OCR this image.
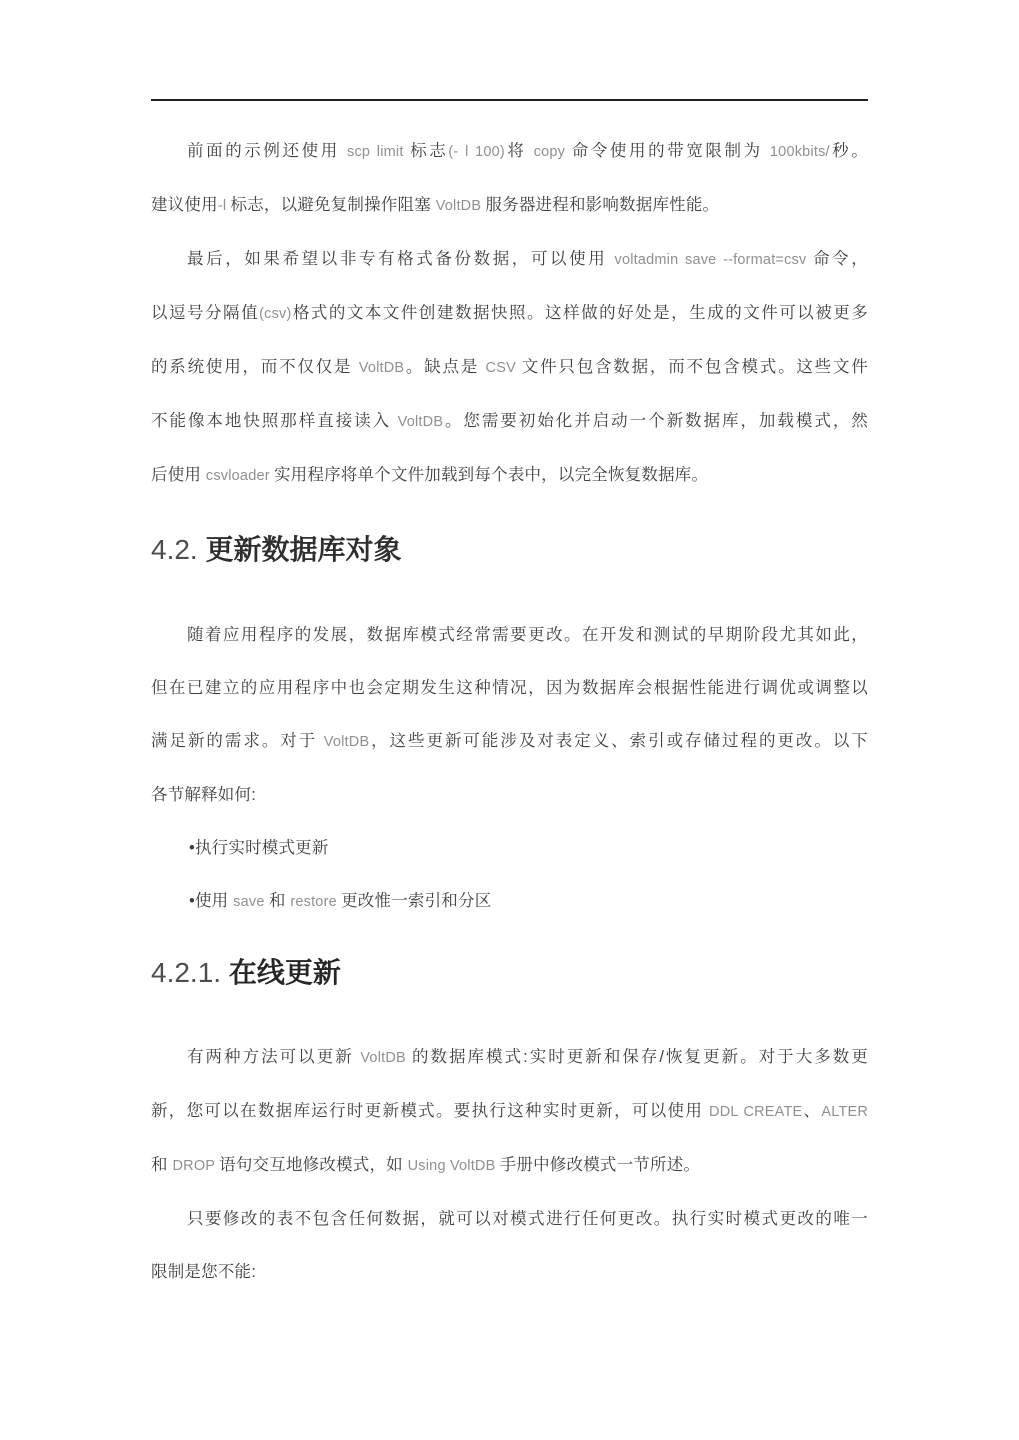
前面的示例还使用 scp limit 标志(- l 100)将 copy 命令使用的带宽限制为 100kbits/秒。
建议使用-l 标志，以避免复制操作阻塞 VoltDB 服务器进程和影响数据库性能。
最后，如果希望以非专有格式备份数据，可以使用 voltadmin save --format=csv 命令，
以逗号分隔值(csv)格式的文本文件创建数据快照。这样做的好处是，生成的文件可以被更多
的系统使用，而不仅仅是 VoltDB。缺点是 CSV 文件只包含数据，而不包含模式。这些文件
不能像本地快照那样直接读入 VoltDB。您需要初始化并启动一个新数据库，加载模式，然
后使用 csvloader 实用程序将单个文件加载到每个表中，以完全恢复数据库。
4.2. 更新数据库对象
随着应用程序的发展，数据库模式经常需要更改。在开发和测试的早期阶段尤其如此，
但在已建立的应用程序中也会定期发生这种情况，因为数据库会根据性能进行调优或调整以
满足新的需求。对于 VoltDB，这些更新可能涉及对表定义、索引或存储过程的更改。以下
各节解释如何:
•执行实时模式更新
•使用 save 和 restore 更改惟一索引和分区
4.2.1. 在线更新
有两种方法可以更新 VoltDB 的数据库模式:实时更新和保存/恢复更新。对于大多数更
新，您可以在数据库运行时更新模式。要执行这种实时更新，可以使用 DDL CREATE、ALTER
和 DROP 语句交互地修改模式，如 Using VoltDB 手册中修改模式一节所述。
只要修改的表不包含任何数据，就可以对模式进行任何更改。执行实时模式更改的唯一
限制是您不能:
